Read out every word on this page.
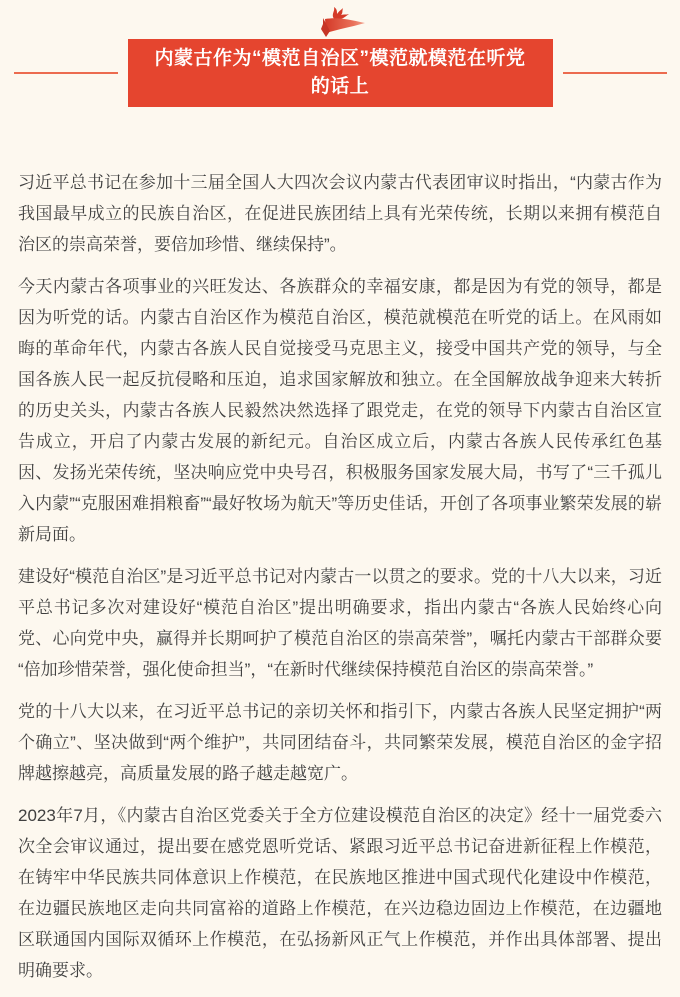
内蒙古作为“模范自治区”模范就模范在听党
的话上

习近平总书记在参加十三届全国人大四次会议内蒙古代表团审议时指出，“内蒙古作为我国最早成立的民族自治区，在促进民族团结上具有光荣传统，长期以来拥有模范自治区的崇高荣誉，要倍加珍惜、继续保持”。

今天内蒙古各项事业的兴旺发达、各族群众的幸福安康，都是因为有党的领导，都是因为听党的话。内蒙古自治区作为模范自治区，模范就模范在听党的话上。在风雨如晦的革命年代，内蒙古各族人民自觉接受马克思主义，接受中国共产党的领导，与全国各族人民一起反抗侵略和压迫，追求国家解放和独立。在全国解放战争迎来大转折的历史关头，内蒙古各族人民毅然决然选择了跟党走，在党的领导下内蒙古自治区宣告成立，开启了内蒙古发展的新纪元。自治区成立后，内蒙古各族人民传承红色基因、发扬光荣传统，坚决响应党中央号召，积极服务国家发展大局，书写了“三千孤儿入内蒙”“克服困难捐粮畜”“最好牧场为航天”等历史佳话，开创了各项事业繁荣发展的崭新局面。

建设好“模范自治区”是习近平总书记对内蒙古一以贯之的要求。党的十八大以来，习近平总书记多次对建设好“模范自治区”提出明确要求，指出内蒙古“各族人民始终心向党、心向党中央，赢得并长期呵护了模范自治区的崇高荣誉”，嘱托内蒙古干部群众要“倍加珍惜荣誉，强化使命担当”，“在新时代继续保持模范自治区的崇高荣誉。”

党的十八大以来，在习近平总书记的亲切关怀和指引下，内蒙古各族人民坚定拥护“两个确立”、坚决做到“两个维护”，共同团结奋斗，共同繁荣发展，模范自治区的金字招牌越擦越亮，高质量发展的路子越走越宽广。

2023年7月，《内蒙古自治区党委关于全方位建设模范自治区的决定》经十一届党委六次全会审议通过，提出要在感党恩听党话、紧跟习近平总书记奋进新征程上作模范，在铸牢中华民族共同体意识上作模范，在民族地区推进中国式现代化建设中作模范，在边疆民族地区走向共同富裕的道路上作模范，在兴边稳边固边上作模范，在边疆地区联通国内国际双循环上作模范，在弘扬新风正气上作模范，并作出具体部署、提出明确要求。
